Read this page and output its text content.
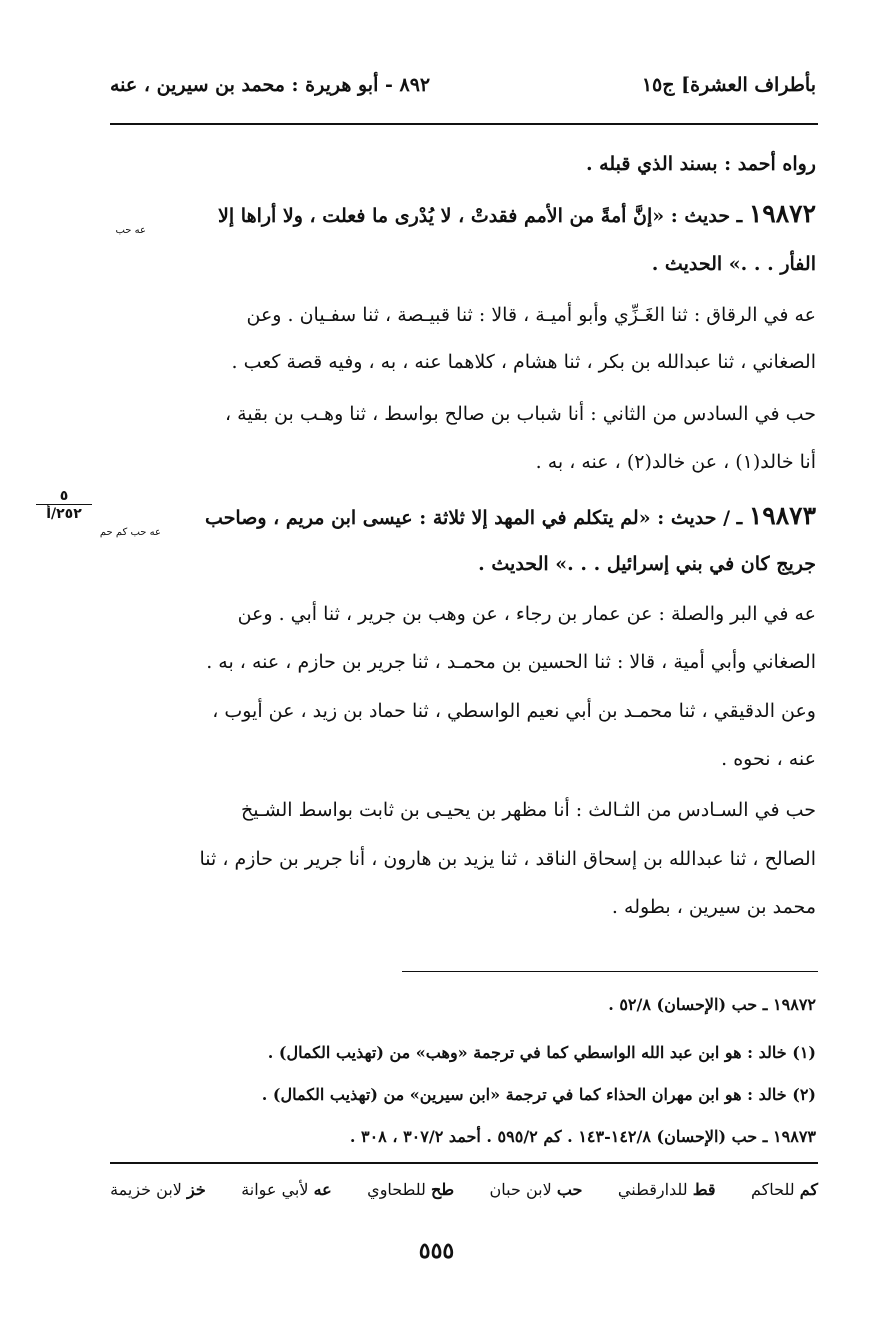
بأطراف العشرة] ج١٥
٨٩٢ - أبو هريرة : محمد بن سيرين ، عنه
رواه أحمد : بسند الذي قبله .
١٩٨٧٢ ـ حديث : «إنَّ أمةً من الأمم فقدتْ ، لا يُدْرى ما فعلت ، ولا أراها إلا
عه حب
الفأر . . .» الحديث .
عه في الرقاق : ثنا الغَـزِّي وأبو أميـة ، قالا : ثنا قبيـصة ، ثنا سفـيان . وعن
الصغاني ، ثنا عبدالله بن بكر ، ثنا هشام ، كلاهما عنه ، به ، وفيه قصة كعب .
حب في السادس من الثاني : أنا شباب بن صالح بواسط ، ثنا وهـب بن بقية ،
أنا خالد(١) ، عن خالد(٢) ، عنه ، به .
٥
٢٥٢/أ	١٩٨٧٣ ـ / حديث : «لم يتكلم في المهد إلا ثلاثة : عيسى ابن مريم ، وصاحب
عه حب كم حم
جريج كان في بني إسرائيل . . .» الحديث .
عه في البر والصلة : عن عمار بن رجاء ، عن وهب بن جرير ، ثنا أبي . وعن
الصغاني وأبي أمية ، قالا : ثنا الحسين بن محمـد ، ثنا جرير بن حازم ، عنه ، به .
وعن الدقيقي ، ثنا محمـد بن أبي نعيم الواسطي ، ثنا حماد بن زيد ، عن أيوب ،
عنه ، نحوه .
حب في السـادس من الثـالث : أنا مظهر بن يحيـى بن ثابت بواسط الشـيخ
الصالح ، ثنا عبدالله بن إسحاق الناقد ، ثنا يزيد بن هارون ، أنا جرير بن حازم ، ثنا
محمد بن سيرين ، بطوله .
١٩٨٧٢ ـ حب (الإحسان) ٥٢/٨ .
(١) خالد : هو ابن عبد الله الواسطي كما في ترجمة «وهب» من (تهذيب الكمال) .
(٢) خالد : هو ابن مهران الحذاء كما في ترجمة «ابن سيرين» من (تهذيب الكمال) .
١٩٨٧٣ ـ حب (الإحسان) ١٤٢/٨-١٤٣ . كم ٥٩٥/٢ . أحمد ٣٠٧/٢ ، ٣٠٨ .
خز لابن خزيمة	عه لأبي عوانة	طح للطحاوي	حب لابن حبان	قط للدارقطني	كم للحاكم
٥٥٥
